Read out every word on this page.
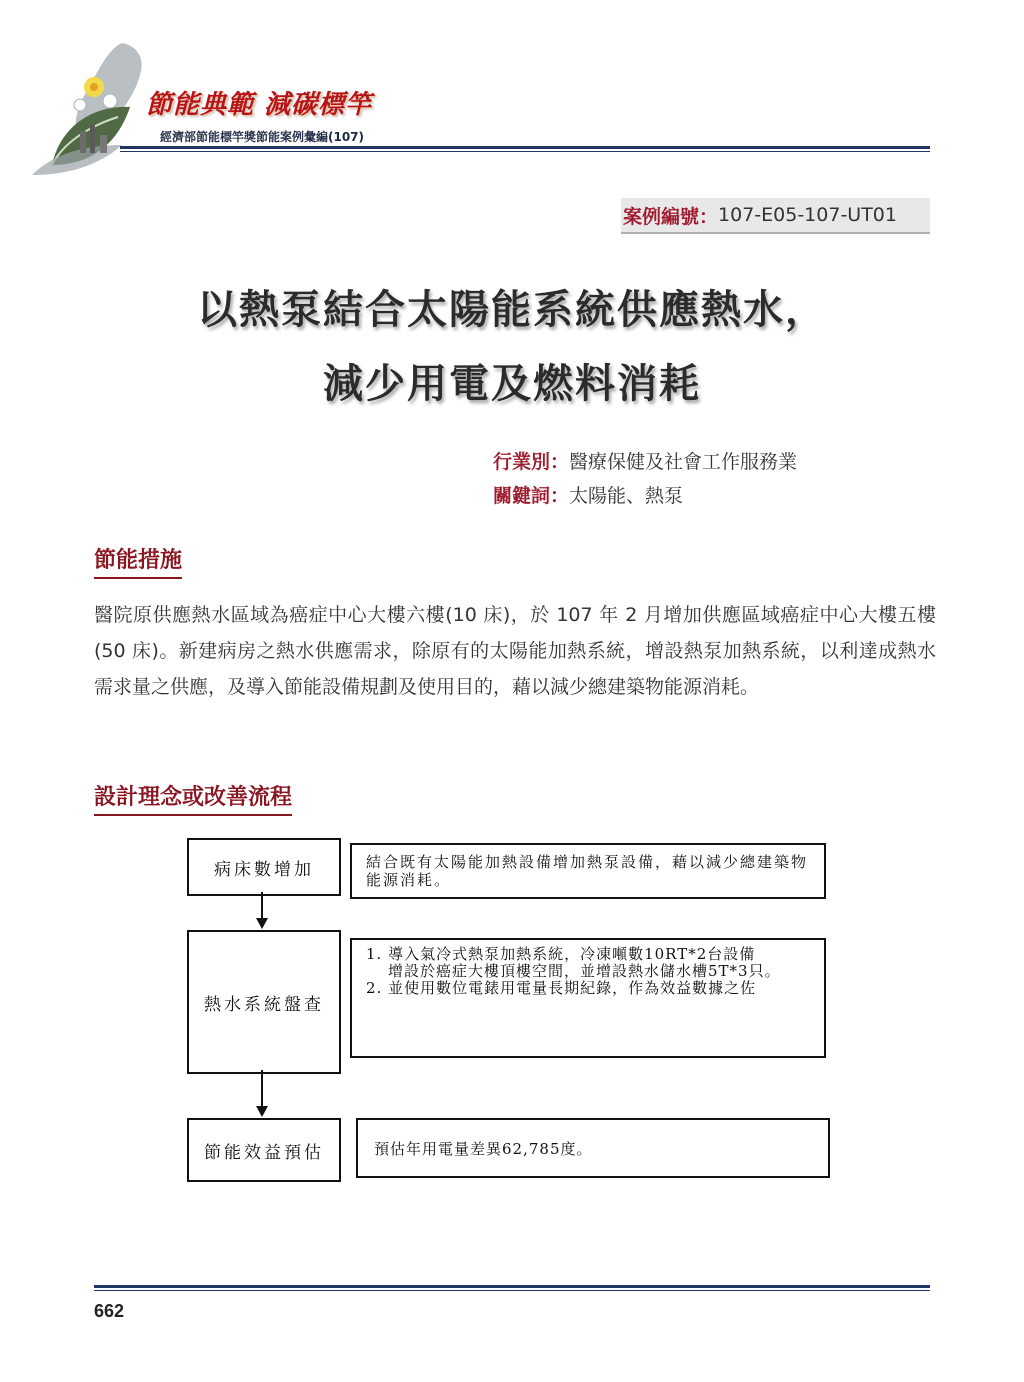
節能典範 減碳標竿
經濟部節能標竿獎節能案例彙編(107)
案例編號： 107-E05-107-UT01
以熱泵結合太陽能系統供應熱水，
減少用電及燃料消耗
行業別：醫療保健及社會工作服務業
關鍵詞：太陽能、熱泵
節能措施
醫院原供應熱水區域為癌症中心大樓六樓(10 床)，於 107 年 2 月增加供應區域癌症中心大樓五樓(50 床)。新建病房之熱水供應需求，除原有的太陽能加熱系統，增設熱泵加熱系統，以利達成熱水需求量之供應，及導入節能設備規劃及使用目的，藉以減少總建築物能源消耗。
設計理念或改善流程
病床數增加	結合既有太陽能加熱設備增加熱泵設備，藉以減少總建築物能源消耗。
熱水系統盤查
1. 導入氣冷式熱泵加熱系統，冷凍噸數10RT*2台設備
增設於癌症大樓頂樓空間，並增設熱水儲水槽5T*3只。
2. 並使用數位電錶用電量長期紀錄，作為效益數據之佐
節能效益預估	預估年用電量差異62,785度。
662
